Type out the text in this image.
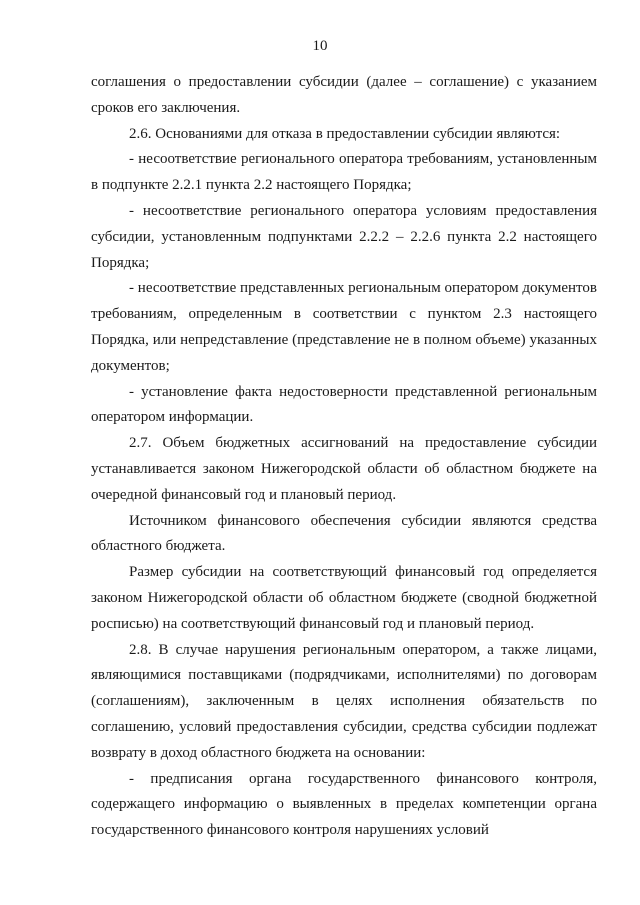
10

соглашения о предоставлении субсидии (далее – соглашение) с указанием сроков его заключения.

2.6. Основаниями для отказа в предоставлении субсидии являются:

- несоответствие регионального оператора требованиям, установленным в подпункте 2.2.1 пункта 2.2 настоящего Порядка;

- несоответствие регионального оператора условиям предоставления субсидии, установленным подпунктами 2.2.2 – 2.2.6 пункта 2.2 настоящего Порядка;

- несоответствие представленных региональным оператором документов требованиям, определенным в соответствии с пунктом 2.3 настоящего Порядка, или непредставление (представление не в полном объеме) указанных документов;

- установление факта недостоверности представленной региональным оператором информации.

2.7. Объем бюджетных ассигнований на предоставление субсидии устанавливается законом Нижегородской области об областном бюджете на очередной финансовый год и плановый период.

Источником финансового обеспечения субсидии являются средства областного бюджета.

Размер субсидии на соответствующий финансовый год определяется законом Нижегородской области об областном бюджете (сводной бюджетной росписью) на соответствующий финансовый год и плановый период.

2.8. В случае нарушения региональным оператором, а также лицами, являющимися поставщиками (подрядчиками, исполнителями) по договорам (соглашениям), заключенным в целях исполнения обязательств по соглашению, условий предоставления субсидии, средства субсидии подлежат возврату в доход областного бюджета на основании:

- предписания органа государственного финансового контроля, содержащего информацию о выявленных в пределах компетенции органа государственного финансового контроля нарушениях условий
